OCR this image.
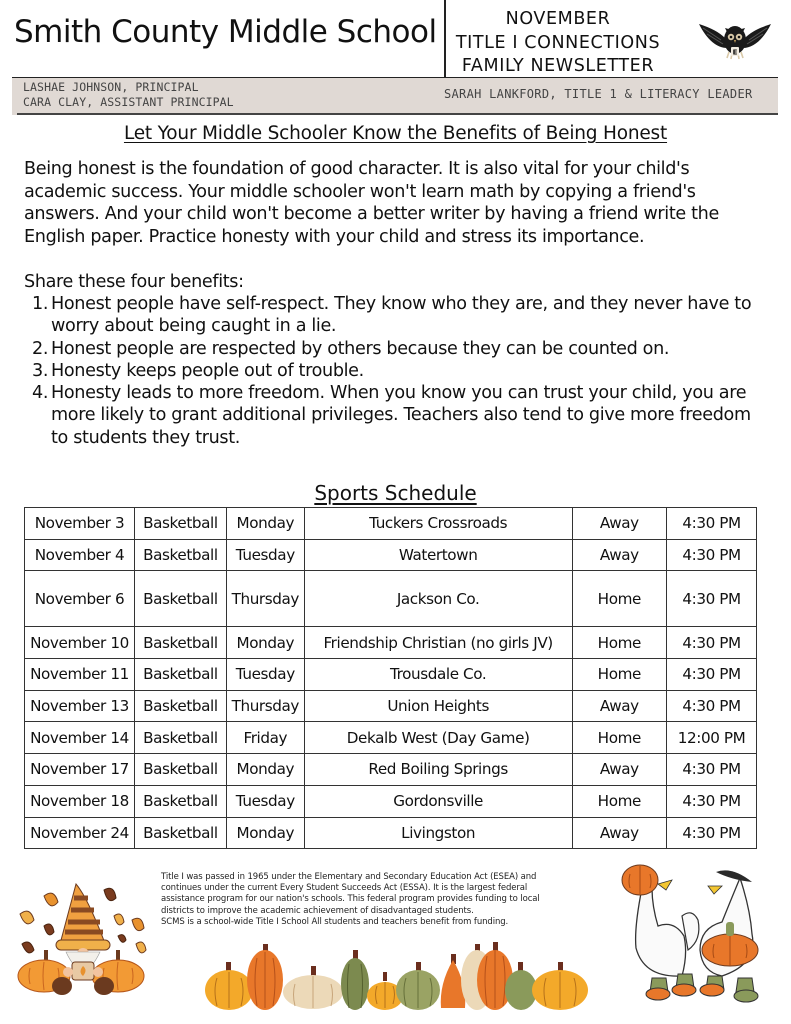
Smith County Middle School	NOVEMBER
TITLE I CONNECTIONS
FAMILY NEWSLETTER
E
LASHAE JOHNSON, PRINCIPAL
CARA CLAY, ASSISTANT PRINCIPAL
SARAH LANKFORD, TITLE 1 & LITERACY LEADER
Let Your Middle Schooler Know the Benefits of Being Honest

Being honest is the foundation of good character. It is also vital for your child's academic success. Your middle schooler won't learn math by copying a friend's answers. And your child won't become a better writer by having a friend write the English paper. Practice honesty with your child and stress its importance.

Share these four benefits:
1. Honest people have self-respect. They know who they are, and they never have to worry about being caught in a lie.
2. Honest people are respected by others because they can be counted on.
3. Honesty keeps people out of trouble.
4. Honesty leads to more freedom. When you know you can trust your child, you are more likely to grant additional privileges. Teachers also tend to give more freedom to students they trust.
Sports Schedule
November 3	Basketball	Monday	Tuckers Crossroads	Away	4:30 PM
November 4	Basketball	Tuesday	Watertown	Away	4:30 PM
November 6	Basketball	Thursday	Jackson Co.	Home	4:30 PM
November 10	Basketball	Monday	Friendship Christian (no girls JV)	Home	4:30 PM
November 11	Basketball	Tuesday	Trousdale Co.	Home	4:30 PM
November 13	Basketball	Thursday	Union Heights	Away	4:30 PM
November 14	Basketball	Friday	Dekalb West (Day Game)	Home	12:00 PM
November 17	Basketball	Monday	Red Boiling Springs	Away	4:30 PM
November 18	Basketball	Tuesday	Gordonsville	Home	4:30 PM
November 24	Basketball	Monday	Livingston	Away	4:30 PM
Title I was passed in 1965 under the Elementary and Secondary Education Act (ESEA) and
continues under the current Every Student Succeeds Act (ESSA). It is the largest federal
assistance program for our nation's schools. This federal program provides funding to local
districts to improve the academic achievement of disadvantaged students.
SCMS is a school-wide Title I School All students and teachers benefit from funding.
